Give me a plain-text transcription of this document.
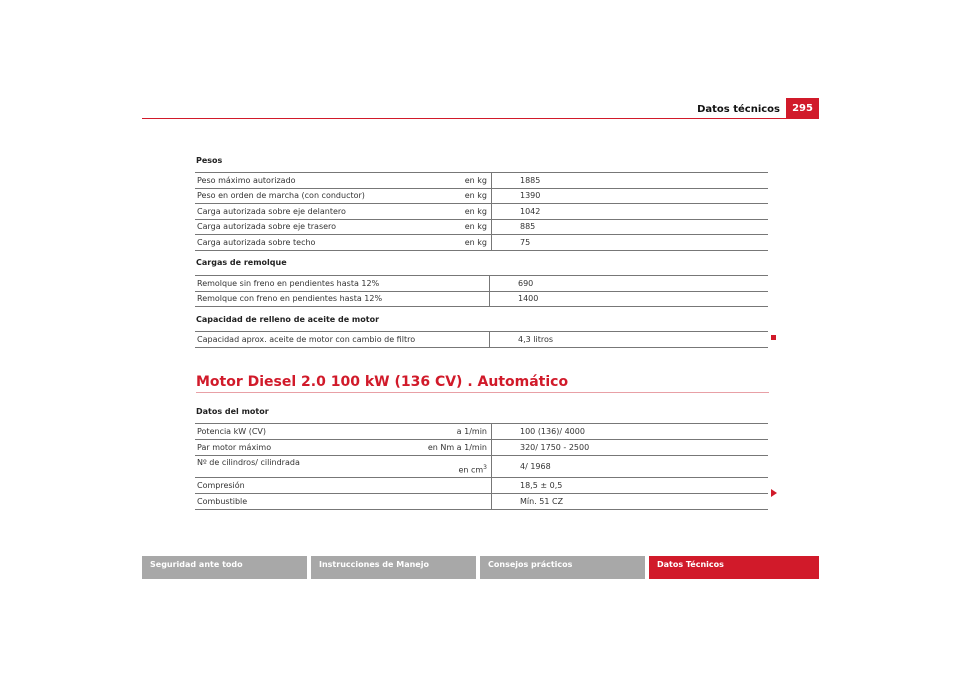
Datos técnicos	295
Pesos
Peso máximo autorizado	en kg	1885
Peso en orden de marcha (con conductor)	en kg	1390
Carga autorizada sobre eje delantero	en kg	1042
Carga autorizada sobre eje trasero	en kg	885
Carga autorizada sobre techo	en kg	75
Cargas de remolque
Remolque sin freno en pendientes hasta 12%	690
Remolque con freno en pendientes hasta 12%	1400
Capacidad de relleno de aceite de motor
Capacidad aprox. aceite de motor con cambio de filtro	4,3 litros
Motor Diesel 2.0 100 kW (136 CV) . Automático
Datos del motor
Potencia kW (CV)	a 1/min	100 (136)/ 4000
Par motor máximo	en Nm a 1/min	320/ 1750 - 2500
Nº de cilindros/ cilindrada	en $cm^3$	4/ 1968
Compresión		18,5 ± 0,5
Combustible		Mín. 51 CZ
Seguridad ante todo	Instrucciones de Manejo	Consejos prácticos	Datos Técnicos
